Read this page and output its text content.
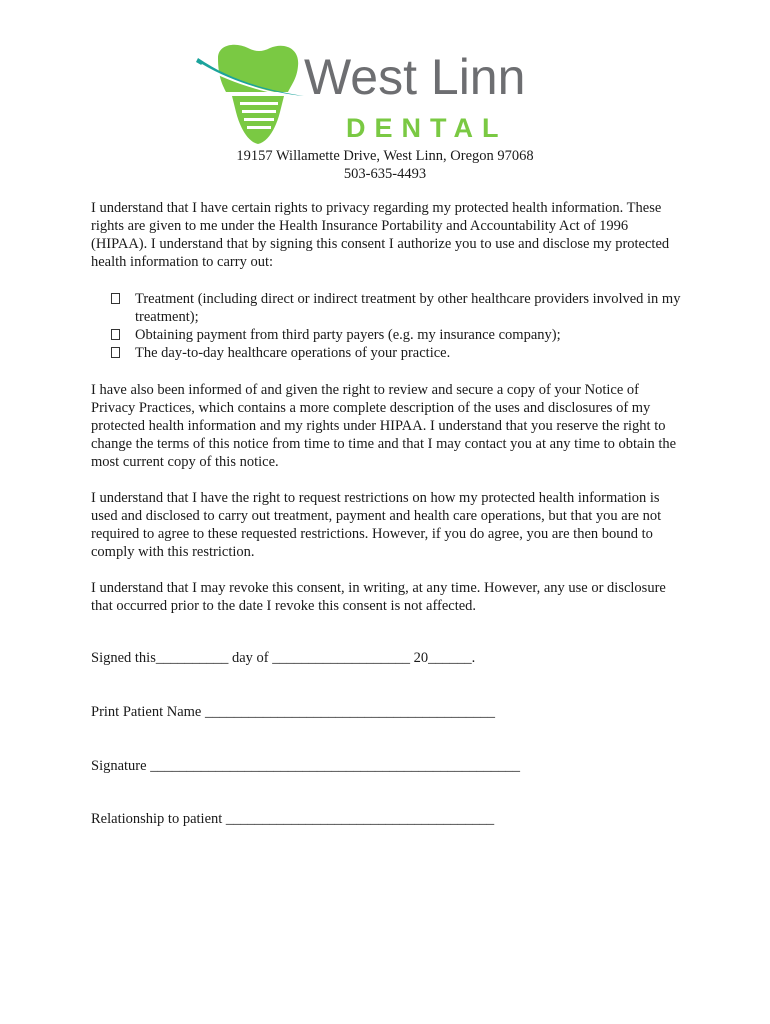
West Linn
DENTAL
19157 Willamette Drive, West Linn, Oregon 97068
503-635-4493

I understand that I have certain rights to privacy regarding my protected health information. These rights are given to me under the Health Insurance Portability and Accountability Act of 1996 (HIPAA). I understand that by signing this consent I authorize you to use and disclose my protected health information to carry out:

Treatment (including direct or indirect treatment by other healthcare providers involved in my treatment);
Obtaining payment from third party payers (e.g. my insurance company);
The day-to-day healthcare operations of your practice.

I have also been informed of and given the right to review and secure a copy of your Notice of Privacy Practices, which contains a more complete description of the uses and disclosures of my protected health information and my rights under HIPAA. I understand that you reserve the right to change the terms of this notice from time to time and that I may contact you at any time to obtain the most current copy of this notice.

I understand that I have the right to request restrictions on how my protected health information is used and disclosed to carry out treatment, payment and health care operations, but that you are not required to agree to these requested restrictions. However, if you do agree, you are then bound to comply with this restriction.

I understand that I may revoke this consent, in writing, at any time. However, any use or disclosure that occurred prior to the date I revoke this consent is not affected.

Signed this__________ day of ___________________ 20______.
Print Patient Name ________________________________________
Signature ___________________________________________________
Relationship to patient _____________________________________
